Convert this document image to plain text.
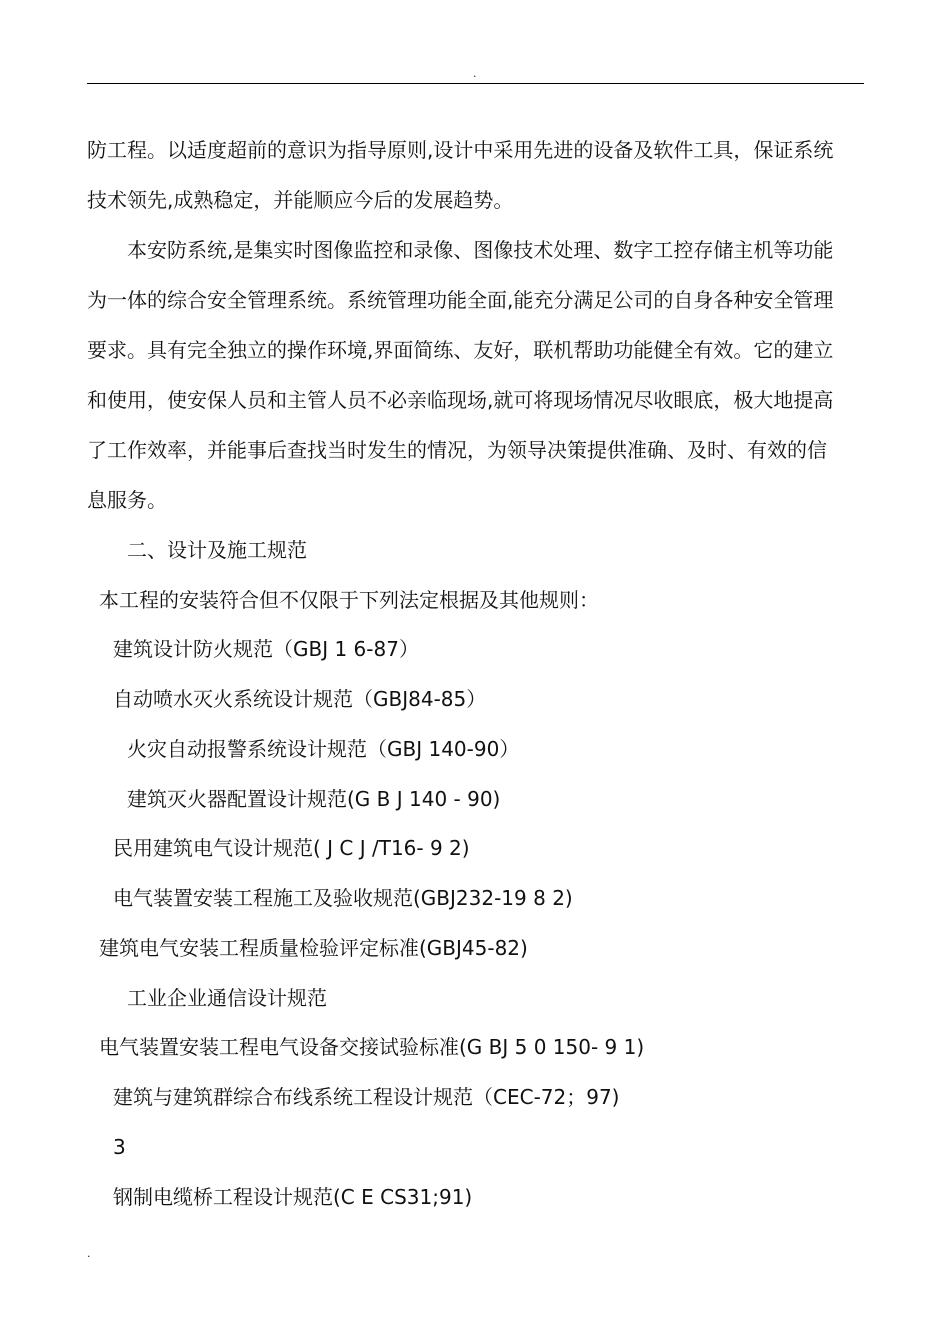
.
防工程。以适度超前的意识为指导原则,设计中采用先进的设备及软件工具，保证系统
技术领先,成熟稳定，并能顺应今后的发展趋势。
本安防系统,是集实时图像监控和录像、图像技术处理、数字工控存储主机等功能
为一体的综合安全管理系统。系统管理功能全面,能充分满足公司的自身各种安全管理
要求。具有完全独立的操作环境,界面简练、友好，联机帮助功能健全有效。它的建立
和使用，使安保人员和主管人员不必亲临现场,就可将现场情况尽收眼底，极大地提高
了工作效率，并能事后查找当时发生的情况，为领导决策提供准确、及时、有效的信
息服务。
二、设计及施工规范
本工程的安装符合但不仅限于下列法定根据及其他规则：
建筑设计防火规范（GBJ 1 6-87）
自动喷水灭火系统设计规范（GBJ84-85）
火灾自动报警系统设计规范（GBJ 140-90）
建筑灭火器配置设计规范(G B J 140 - 90)
民用建筑电气设计规范( J C J /T16- 9 2)
电气装置安装工程施工及验收规范(GBJ232-19 8 2)
建筑电气安装工程质量检验评定标准(GBJ45-82)
工业企业通信设计规范
电气装置安装工程电气设备交接试验标准(G BJ 5 0 150- 9 1)
建筑与建筑群综合布线系统工程设计规范（CEC-72；97)
3
钢制电缆桥工程设计规范(C E CS31;91)
.
